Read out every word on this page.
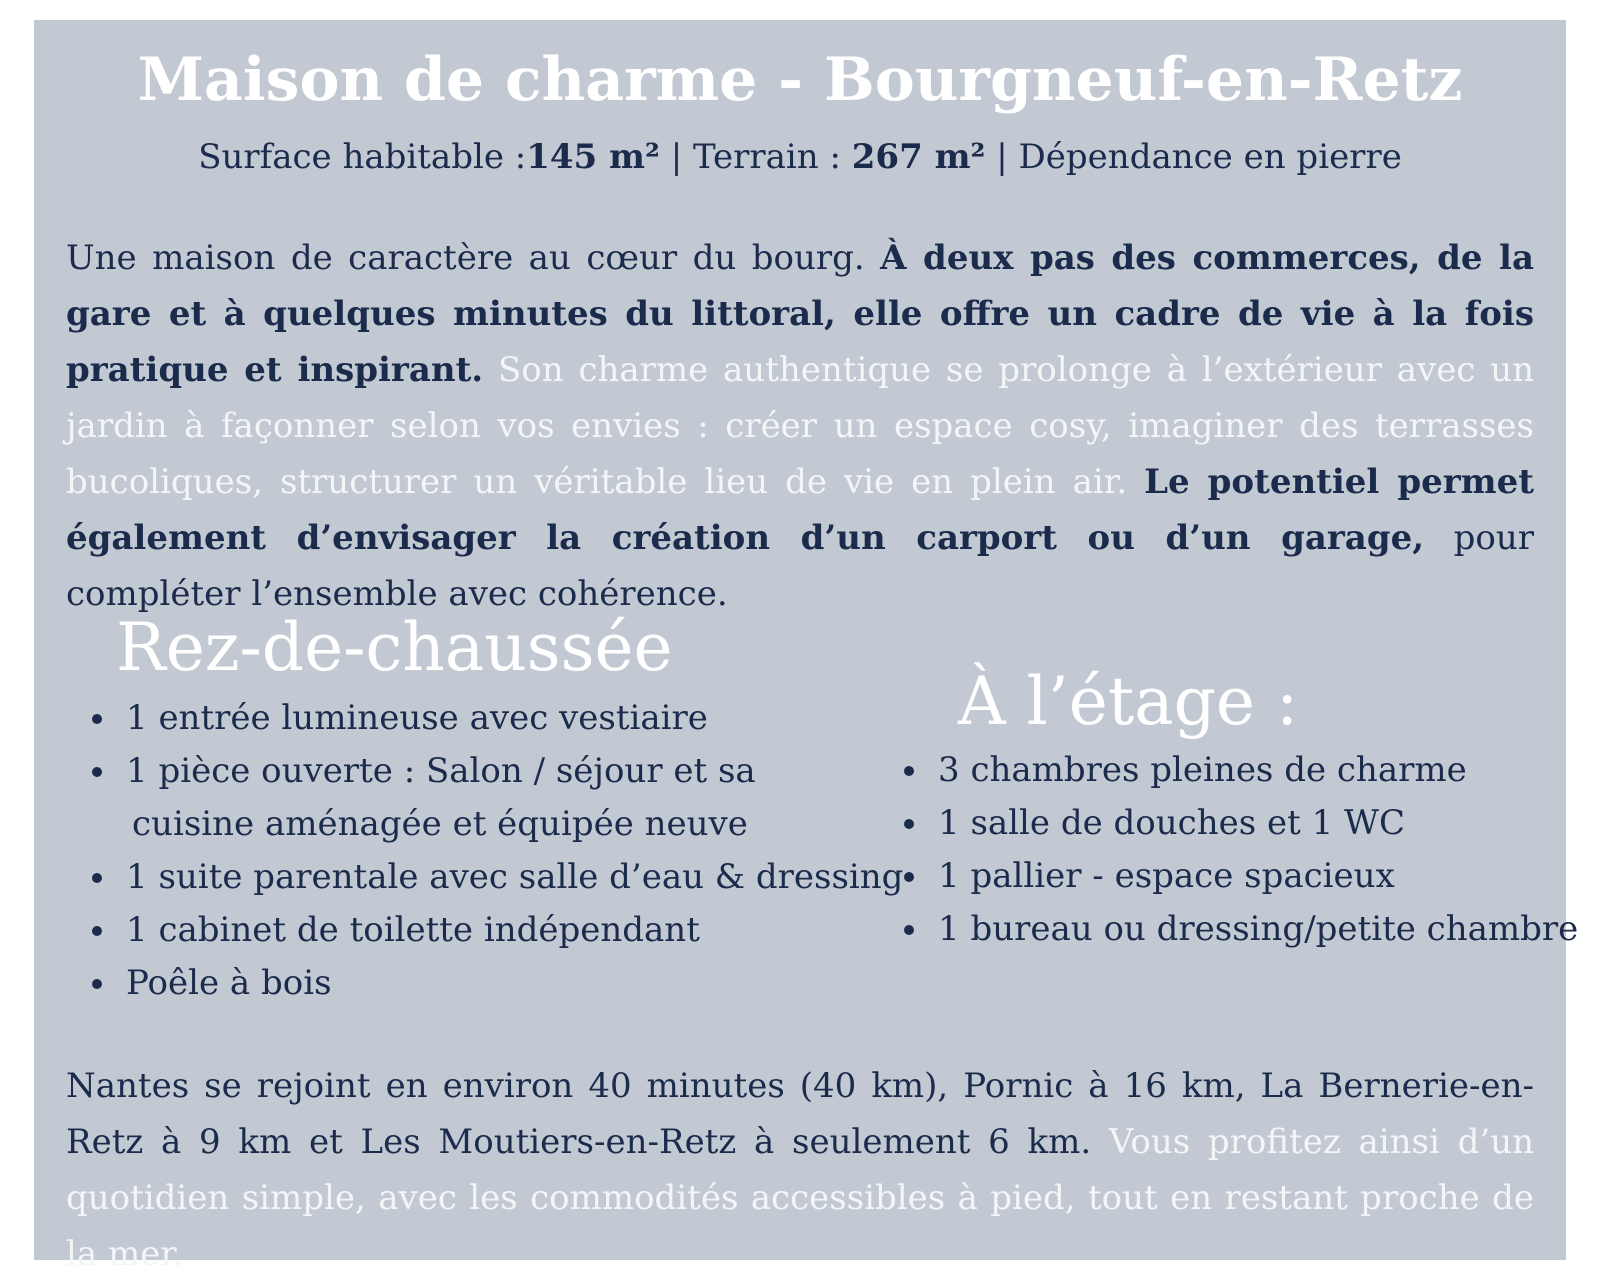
Maison de charme - Bourgneuf-en-Retz
Surface habitable :145 m² | Terrain : 267 m² | Dépendance en pierre
Une maison de caractère au cœur du bourg. À deux pas des commerces, de la gare et à quelques minutes du littoral, elle offre un cadre de vie à la fois pratique et inspirant. Son charme authentique se prolonge à l’extérieur avec un jardin à façonner selon vos envies : créer un espace cosy, imaginer des terrasses bucoliques, structurer un véritable lieu de vie en plein air. Le potentiel permet également d’envisager la création d’un carport ou d’un garage, pour compléter l’ensemble avec cohérence.
Rez-de-chaussée
1 entrée lumineuse avec vestiaire
1 pièce ouverte : Salon / séjour et sa
cuisine aménagée et équipée neuve
1 suite parentale avec salle d’eau & dressing
1 cabinet de toilette indépendant
Poêle à bois
À l’étage :
3 chambres pleines de charme
1 salle de douches et 1 WC
1 pallier - espace spacieux
1 bureau ou dressing/petite chambre
Nantes se rejoint en environ 40 minutes (40 km), Pornic à 16 km, La Bernerie-en-Retz à 9 km et Les Moutiers-en-Retz à seulement 6 km. Vous profitez ainsi d’un quotidien simple, avec les commodités accessibles à pied, tout en restant proche de la mer.
